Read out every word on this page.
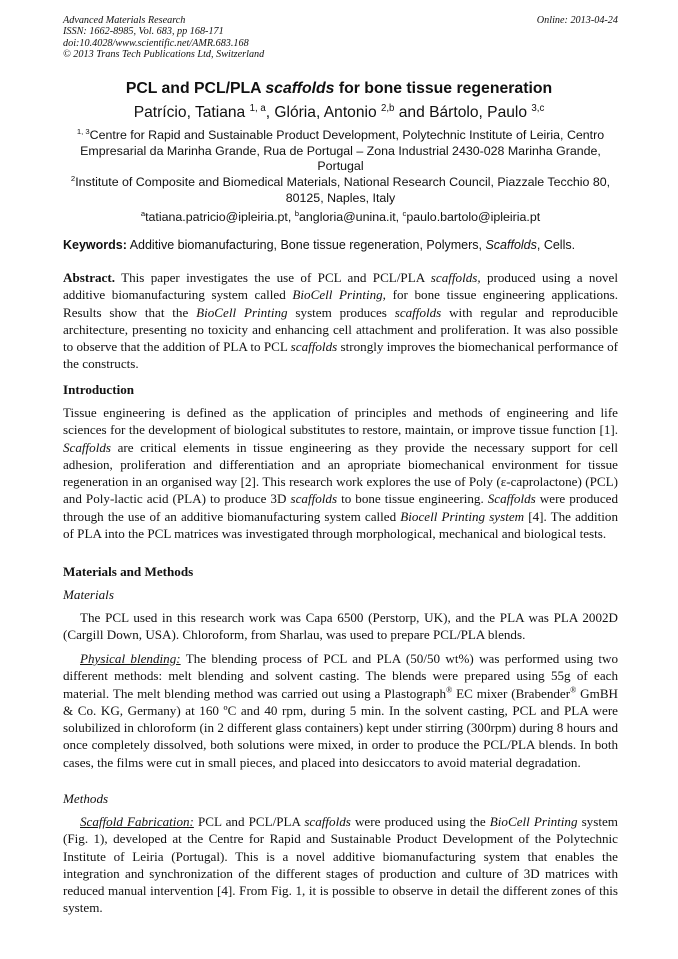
Advanced Materials Research	Online: 2013-04-24
ISSN: 1662-8985, Vol. 683, pp 168-171
doi:10.4028/www.scientific.net/AMR.683.168
© 2013 Trans Tech Publications Ltd, Switzerland
PCL and PCL/PLA scaffolds for bone tissue regeneration
Patrício, Tatiana $^{1, a}$, Glória, Antonio $^{2,b}$ and Bártolo, Paulo $^{3,c}$
$^{1, 3}$Centre for Rapid and Sustainable Product Development, Polytechnic Institute of Leiria, Centro Empresarial da Marinha Grande, Rua de Portugal – Zona Industrial 2430-028 Marinha Grande, Portugal
$^2$Institute of Composite and Biomedical Materials, National Research Council, Piazzale Tecchio 80, 80125, Naples, Italy
$^a$tatiana.patricio@ipleiria.pt, $^b$angloria@unina.it, $^c$paulo.bartolo@ipleiria.pt
Keywords: Additive biomanufacturing, Bone tissue regeneration, Polymers, Scaffolds, Cells.

Abstract. This paper investigates the use of PCL and PCL/PLA scaffolds, produced using a novel additive biomanufacturing system called BioCell Printing, for bone tissue engineering applications. Results show that the BioCell Printing system produces scaffolds with regular and reproducible architecture, presenting no toxicity and enhancing cell attachment and proliferation. It was also possible to observe that the addition of PLA to PCL scaffolds strongly improves the biomechanical performance of the constructs.

Introduction

Tissue engineering is defined as the application of principles and methods of engineering and life sciences for the development of biological substitutes to restore, maintain, or improve tissue function [1]. Scaffolds are critical elements in tissue engineering as they provide the necessary support for cell adhesion, proliferation and differentiation and an apropriate biomechanical environment for tissue regeneration in an organised way [2]. This research work explores the use of Poly (ε-caprolactone) (PCL) and Poly-lactic acid (PLA) to produce 3D scaffolds to bone tissue engineering. Scaffolds were produced through the use of an additive biomanufacturing system called Biocell Printing system [4]. The addition of PLA into the PCL matrices was investigated through morphological, mechanical and biological tests.

Materials and Methods
Materials

The PCL used in this research work was Capa 6500 (Perstorp, UK), and the PLA was PLA 2002D (Cargill Down, USA). Chloroform, from Sharlau, was used to prepare PCL/PLA blends.

Physical blending: The blending process of PCL and PLA (50/50 wt%) was performed using two different methods: melt blending and solvent casting. The blends were prepared using 55g of each material. The melt blending method was carried out using a Plastograph® EC mixer (Brabender® GmBH & Co. KG, Germany) at 160 ºC and 40 rpm, during 5 min. In the solvent casting, PCL and PLA were solubilized in chloroform (in 2 different glass containers) kept under stirring (300rpm) during 8 hours and once completely dissolved, both solutions were mixed, in order to produce the PCL/PLA blends. In both cases, the films were cut in small pieces, and placed into desiccators to avoid material degradation.

Methods

Scaffold Fabrication: PCL and PCL/PLA scaffolds were produced using the BioCell Printing system (Fig. 1), developed at the Centre for Rapid and Sustainable Product Development of the Polytechnic Institute of Leiria (Portugal). This is a novel additive biomanufacturing system that enables the integration and synchronization of the different stages of production and culture of 3D matrices with reduced manual intervention [4]. From Fig. 1, it is possible to observe in detail the different zones of this system.
